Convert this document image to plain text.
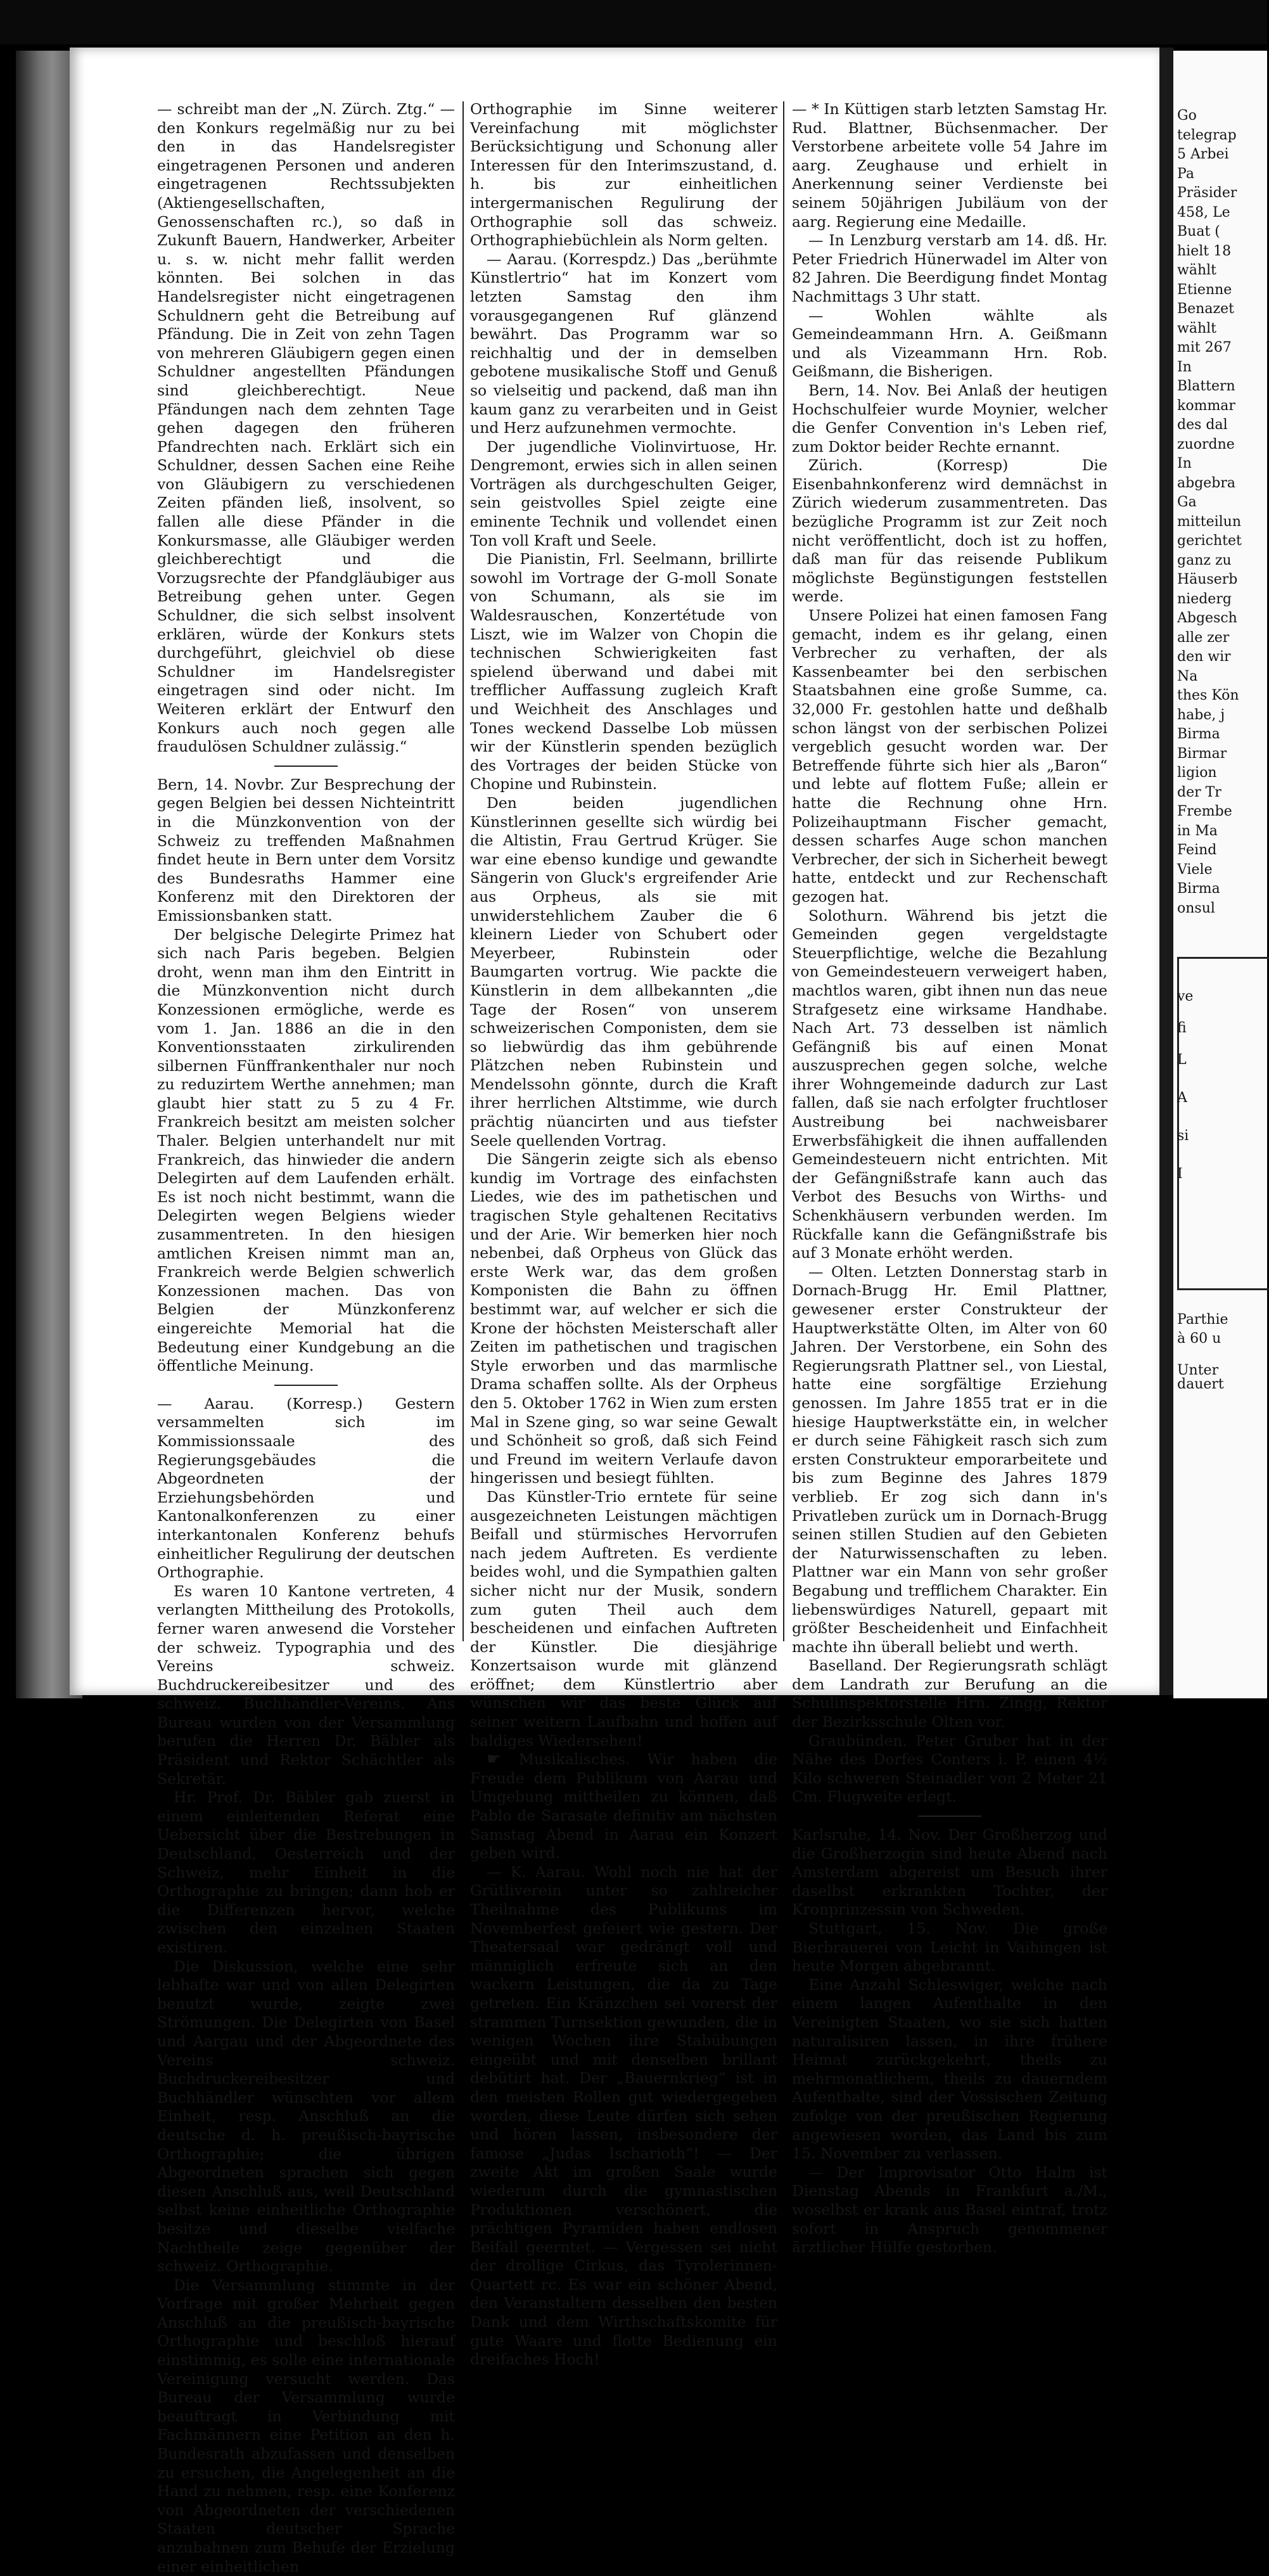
— schreibt man der „N. Zürch. Ztg.“ — den Konkurs regelmäßig nur zu bei den in das Handelsregister eingetragenen Personen und anderen eingetragenen Rechtssubjekten (Aktiengesellschaften, Genossenschaften rc.), so daß in Zukunft Bauern, Handwerker, Arbeiter u. s. w. nicht mehr fallit werden könnten. Bei solchen in das Handelsregister nicht eingetragenen Schuldnern geht die Betreibung auf Pfändung. Die in Zeit von zehn Tagen von mehreren Gläubigern gegen einen Schuldner angestellten Pfändungen sind gleichberechtigt. Neue Pfändungen nach dem zehnten Tage gehen dagegen den früheren Pfandrechten nach. Erklärt sich ein Schuldner, dessen Sachen eine Reihe von Gläubigern zu verschiedenen Zeiten pfänden ließ, insolvent, so fallen alle diese Pfänder in die Konkursmasse, alle Gläubiger werden gleichberechtigt und die Vorzugsrechte der Pfandgläubiger aus Betreibung gehen unter. Gegen Schuldner, die sich selbst insolvent erklären, würde der Konkurs stets durchgeführt, gleichviel ob diese Schuldner im Handelsregister eingetragen sind oder nicht. Im Weiteren erklärt der Entwurf den Konkurs auch noch gegen alle fraudulösen Schuldner zulässig.“

Bern, 14. Novbr. Zur Besprechung der gegen Belgien bei dessen Nichteintritt in die Münzkonvention von der Schweiz zu treffenden Maßnahmen findet heute in Bern unter dem Vorsitz des Bundesraths Hammer eine Konferenz mit den Direktoren der Emissionsbanken statt.

Der belgische Delegirte Primez hat sich nach Paris begeben. Belgien droht, wenn man ihm den Eintritt in die Münzkonvention nicht durch Konzessionen ermögliche, werde es vom 1. Jan. 1886 an die in den Konventionsstaaten zirkulirenden silbernen Fünffrankenthaler nur noch zu reduzirtem Werthe annehmen; man glaubt hier statt zu 5 zu 4 Fr. Frankreich besitzt am meisten solcher Thaler. Belgien unterhandelt nur mit Frankreich, das hinwieder die andern Delegirten auf dem Laufenden erhält. Es ist noch nicht bestimmt, wann die Delegirten wegen Belgiens wieder zusammentreten. In den hiesigen amtlichen Kreisen nimmt man an, Frankreich werde Belgien schwerlich Konzessionen machen. Das von Belgien der Münzkonferenz eingereichte Memorial hat die Bedeutung einer Kundgebung an die öffentliche Meinung.

— Aarau. (Korresp.) Gestern versammelten sich im Kommissionssaale des Regierungsgebäudes die Abgeordneten der Erziehungsbehörden und Kantonalkonferenzen zu einer interkantonalen Konferenz behufs einheitlicher Regulirung der deutschen Orthographie.

Es waren 10 Kantone vertreten, 4 verlangten Mittheilung des Protokolls, ferner waren anwesend die Vorsteher der schweiz. Typographia und des Vereins schweiz. Buchdruckereibesitzer und des schweiz. Buchhändler-Vereins. Ans Bureau wurden von der Versammlung berufen die Herren Dr. Bäbler als Präsident und Rektor Schächtler als Sekretär.

Hr. Prof. Dr. Bäbler gab zuerst in einem einleitenden Referat eine Uebersicht über die Bestrebungen in Deutschland, Oesterreich und der Schweiz, mehr Einheit in die Orthographie zu bringen; dann hob er die Differenzen hervor, welche zwischen den einzelnen Staaten existiren.

Die Diskussion, welche eine sehr lebhafte war und von allen Delegirten benutzt wurde, zeigte zwei Strömungen. Die Delegirten von Basel und Aargau und der Abgeordnete des Vereins schweiz. Buchdruckereibesitzer und Buchhändler wünschten vor allem Einheit, resp. Anschluß an die deutsche d. h. preußisch-bayrische Orthographie; die übrigen Abgeordneten sprachen sich gegen diesen Anschluß aus, weil Deutschland selbst keine einheitliche Orthographie besitze und dieselbe vielfache Nachtheile zeige gegenüber der schweiz. Orthographie.

Die Versammlung stimmte in der Vorfrage mit großer Mehrheit gegen Anschluß an die preußisch-bayrische Orthographie und beschloß hierauf einstimmig, es solle eine internationale Vereinigung versucht werden. Das Bureau der Versammlung wurde beauftragt in Verbindung mit Fachmännern eine Petition an den h. Bundesrath abzufassen und denselben zu ersuchen, die Angelegenheit an die Hand zu nehmen, resp. eine Konferenz von Abgeordneten der verschiedenen Staaten deutscher Sprache anzubahnen zum Behufe der Erzielung einer einheitlichen

Orthographie im Sinne weiterer Vereinfachung mit möglichster Berücksichtigung und Schonung aller Interessen für den Interimszustand, d. h. bis zur einheitlichen intergermanischen Regulirung der Orthographie soll das schweiz. Orthographiebüchlein als Norm gelten.

— Aarau. (Korrespdz.) Das „berühmte Künstlertrio“ hat im Konzert vom letzten Samstag den ihm vorausgegangenen Ruf glänzend bewährt. Das Programm war so reichhaltig und der in demselben gebotene musikalische Stoff und Genuß so vielseitig und packend, daß man ihn kaum ganz zu verarbeiten und in Geist und Herz aufzunehmen vermochte.

Der jugendliche Violinvirtuose, Hr. Dengremont, erwies sich in allen seinen Vorträgen als durchgeschulten Geiger, sein geistvolles Spiel zeigte eine eminente Technik und vollendet einen Ton voll Kraft und Seele.

Die Pianistin, Frl. Seelmann, brillirte sowohl im Vortrage der G-moll Sonate von Schumann, als sie im Waldesrauschen, Konzertétude von Liszt, wie im Walzer von Chopin die technischen Schwierigkeiten fast spielend überwand und dabei mit trefflicher Auffassung zugleich Kraft und Weichheit des Anschlages und Tones weckend Dasselbe Lob müssen wir der Künstlerin spenden bezüglich des Vortrages der beiden Stücke von Chopine und Rubinstein.

Den beiden jugendlichen Künstlerinnen gesellte sich würdig bei die Altistin, Frau Gertrud Krüger. Sie war eine ebenso kundige und gewandte Sängerin von Gluck's ergreifender Arie aus Orpheus, als sie mit unwiderstehlichem Zauber die 6 kleinern Lieder von Schubert oder Meyerbeer, Rubinstein oder Baumgarten vortrug. Wie packte die Künstlerin in dem allbekannten „die Tage der Rosen“ von unserem schweizerischen Componisten, dem sie so liebwürdig das ihm gebührende Plätzchen neben Rubinstein und Mendelssohn gönnte, durch die Kraft ihrer herrlichen Altstimme, wie durch prächtig nüancirten und aus tiefster Seele quellenden Vortrag.

Die Sängerin zeigte sich als ebenso kundig im Vortrage des einfachsten Liedes, wie des im pathetischen und tragischen Style gehaltenen Recitativs und der Arie. Wir bemerken hier noch nebenbei, daß Orpheus von Glück das erste Werk war, das dem großen Komponisten die Bahn zu öffnen bestimmt war, auf welcher er sich die Krone der höchsten Meisterschaft aller Zeiten im pathetischen und tragischen Style erworben und das marmlische Drama schaffen sollte. Als der Orpheus den 5. Oktober 1762 in Wien zum ersten Mal in Szene ging, so war seine Gewalt und Schönheit so groß, daß sich Feind und Freund im weitern Verlaufe davon hingerissen und besiegt fühlten.

Das Künstler-Trio erntete für seine ausgezeichneten Leistungen mächtigen Beifall und stürmisches Hervorrufen nach jedem Auftreten. Es verdiente beides wohl, und die Sympathien galten sicher nicht nur der Musik, sondern zum guten Theil auch dem bescheidenen und einfachen Auftreten der Künstler. Die diesjährige Konzertsaison wurde mit glänzend eröffnet; dem Künstlertrio aber wünschen wir das beste Glück auf seiner weitern Laufbahn und hoffen auf baldiges Wiedersehen!

☛ Musikalisches. Wir haben die Freude dem Publikum von Aarau und Umgebung mittheilen zu können, daß Pablo de Sarasate definitiv am nächsten Samstag Abend in Aarau ein Konzert geben wird.

— K. Aarau. Wohl noch nie hat der Grütliverein unter so zahlreicher Theilnahme des Publikums im Novemberfest gefeiert wie gestern. Der Theatersaal war gedrängt voll und männiglich erfreute sich an den wackern Leistungen, die da zu Tage getreten. Ein Kränzchen sei vorerst der strammen Turnsektion gewunden, die in wenigen Wochen ihre Stabübungen eingeübt und mit denselben brillant debütirt hat. Der „Bauernkrieg“ ist in den meisten Rollen gut wiedergegeben worden, diese Leute dürfen sich sehen und hören lassen, insbesondere der famose „Judas Ischarioth“! — Der zweite Akt im großen Saale wurde wiederum durch die gymnastischen Produktionen verschönert, die prächtigen Pyramiden haben endlosen Beifall geerntet. — Vergessen sei nicht der drollige Cirkus, das Tyrolerinnen-Quartett rc. Es war ein schöner Abend, den Veranstaltern desselben den besten Dank und dem Wirthschaftskomite für gute Waare und flotte Bedienung ein dreifaches Hoch!

— * In Küttigen starb letzten Samstag Hr. Rud. Blattner, Büchsenmacher. Der Verstorbene arbeitete volle 54 Jahre im aarg. Zeughause und erhielt in Anerkennung seiner Verdienste bei seinem 50jährigen Jubiläum von der aarg. Regierung eine Medaille.

— In Lenzburg verstarb am 14. dß. Hr. Peter Friedrich Hünerwadel im Alter von 82 Jahren. Die Beerdigung findet Montag Nachmittags 3 Uhr statt.

— Wohlen wählte als Gemeindeammann Hrn. A. Geißmann und als Vizeammann Hrn. Rob. Geißmann, die Bisherigen.

Bern, 14. Nov. Bei Anlaß der heutigen Hochschulfeier wurde Moynier, welcher die Genfer Convention in's Leben rief, zum Doktor beider Rechte ernannt.

Zürich. (Korresp) Die Eisenbahnkonferenz wird demnächst in Zürich wiederum zusammentreten. Das bezügliche Programm ist zur Zeit noch nicht veröffentlicht, doch ist zu hoffen, daß man für das reisende Publikum möglichste Begünstigungen feststellen werde.

Unsere Polizei hat einen famosen Fang gemacht, indem es ihr gelang, einen Verbrecher zu verhaften, der als Kassenbeamter bei den serbischen Staatsbahnen eine große Summe, ca. 32,000 Fr. gestohlen hatte und deßhalb schon längst von der serbischen Polizei vergeblich gesucht worden war. Der Betreffende führte sich hier als „Baron“ und lebte auf flottem Fuße; allein er hatte die Rechnung ohne Hrn. Polizeihauptmann Fischer gemacht, dessen scharfes Auge schon manchen Verbrecher, der sich in Sicherheit bewegt hatte, entdeckt und zur Rechenschaft gezogen hat.

Solothurn. Während bis jetzt die Gemeinden gegen vergeldstagte Steuerpflichtige, welche die Bezahlung von Gemeindesteuern verweigert haben, machtlos waren, gibt ihnen nun das neue Strafgesetz eine wirksame Handhabe. Nach Art. 73 desselben ist nämlich Gefängniß bis auf einen Monat auszusprechen gegen solche, welche ihrer Wohngemeinde dadurch zur Last fallen, daß sie nach erfolgter fruchtloser Austreibung bei nachweisbarer Erwerbsfähigkeit die ihnen auffallenden Gemeindesteuern nicht entrichten. Mit der Gefängnißstrafe kann auch das Verbot des Besuchs von Wirths- und Schenkhäusern verbunden werden. Im Rückfalle kann die Gefängnißstrafe bis auf 3 Monate erhöht werden.

— Olten. Letzten Donnerstag starb in Dornach-Brugg Hr. Emil Plattner, gewesener erster Construkteur der Hauptwerkstätte Olten, im Alter von 60 Jahren. Der Verstorbene, ein Sohn des Regierungsrath Plattner sel., von Liestal, hatte eine sorgfältige Erziehung genossen. Im Jahre 1855 trat er in die hiesige Hauptwerkstätte ein, in welcher er durch seine Fähigkeit rasch sich zum ersten Construkteur emporarbeitete und bis zum Beginne des Jahres 1879 verblieb. Er zog sich dann in's Privatleben zurück um in Dornach-Brugg seinen stillen Studien auf den Gebieten der Naturwissenschaften zu leben. Plattner war ein Mann von sehr großer Begabung und trefflichem Charakter. Ein liebenswürdiges Naturell, gepaart mit größter Bescheidenheit und Einfachheit machte ihn überall beliebt und werth.

Baselland. Der Regierungsrath schlägt dem Landrath zur Berufung an die Schulinspektorstelle Hrn. Zingg, Rektor der Bezirksschule Olten vor.

Graubünden. Peter Gruber hat in der Nähe des Dorfes Conters i. P. einen 4½ Kilo schweren Steinadler von 2 Meter 21 Cm. Flugweite erlegt.

Karlsruhe, 14. Nov. Der Großherzog und die Großherzogin sind heute Abend nach Amsterdam abgereist um Besuch ihrer daselbst erkrankten Tochter, der Kronprinzessin von Schweden.

Stuttgart, 15. Nov. Die große Bierbrauerei von Leicht in Vaihingen ist heute Morgen abgebrannt.

Eine Anzahl Schleswiger, welche nach einem langen Aufenthalte in den Vereinigten Staaten, wo sie sich hatten naturalisiren lassen, in ihre frühere Heimat zurückgekehrt, theils zu mehrmonatlichem, theils zu dauerndem Aufenthalte, sind der Vossischen Zeitung zufolge von der preußischen Regierung angewiesen worden, das Land bis zum 15. November zu verlassen.

— Der Improvisator Otto Halm ist Dienstag Abends in Frankfurt a./M., woselbst er krank aus Basel eintraf, trotz sofort in Anspruch genommener ärztlicher Hülfe gestorben.

Go
telegrap
5 Arbei
Pa
Präsider
458, Le
Buat (
hielt 18
wählt
Etienne
Benazet
wählt
mit 267
In
Blattern
kommar
des dal
zuordne
In
abgebra
Ga
mitteilun
gerichtet
ganz zu
Häuserb
niederg
Abgesch
alle zer
den wir
Na
thes Kön
habe, j
Birma
Birmar
ligion
der Tr
Frembe
in Ma
Feind
Viele
Birma
onsul
ve
fi
L
A
si
I
Parthie
à 60 u
Unter
dauert
